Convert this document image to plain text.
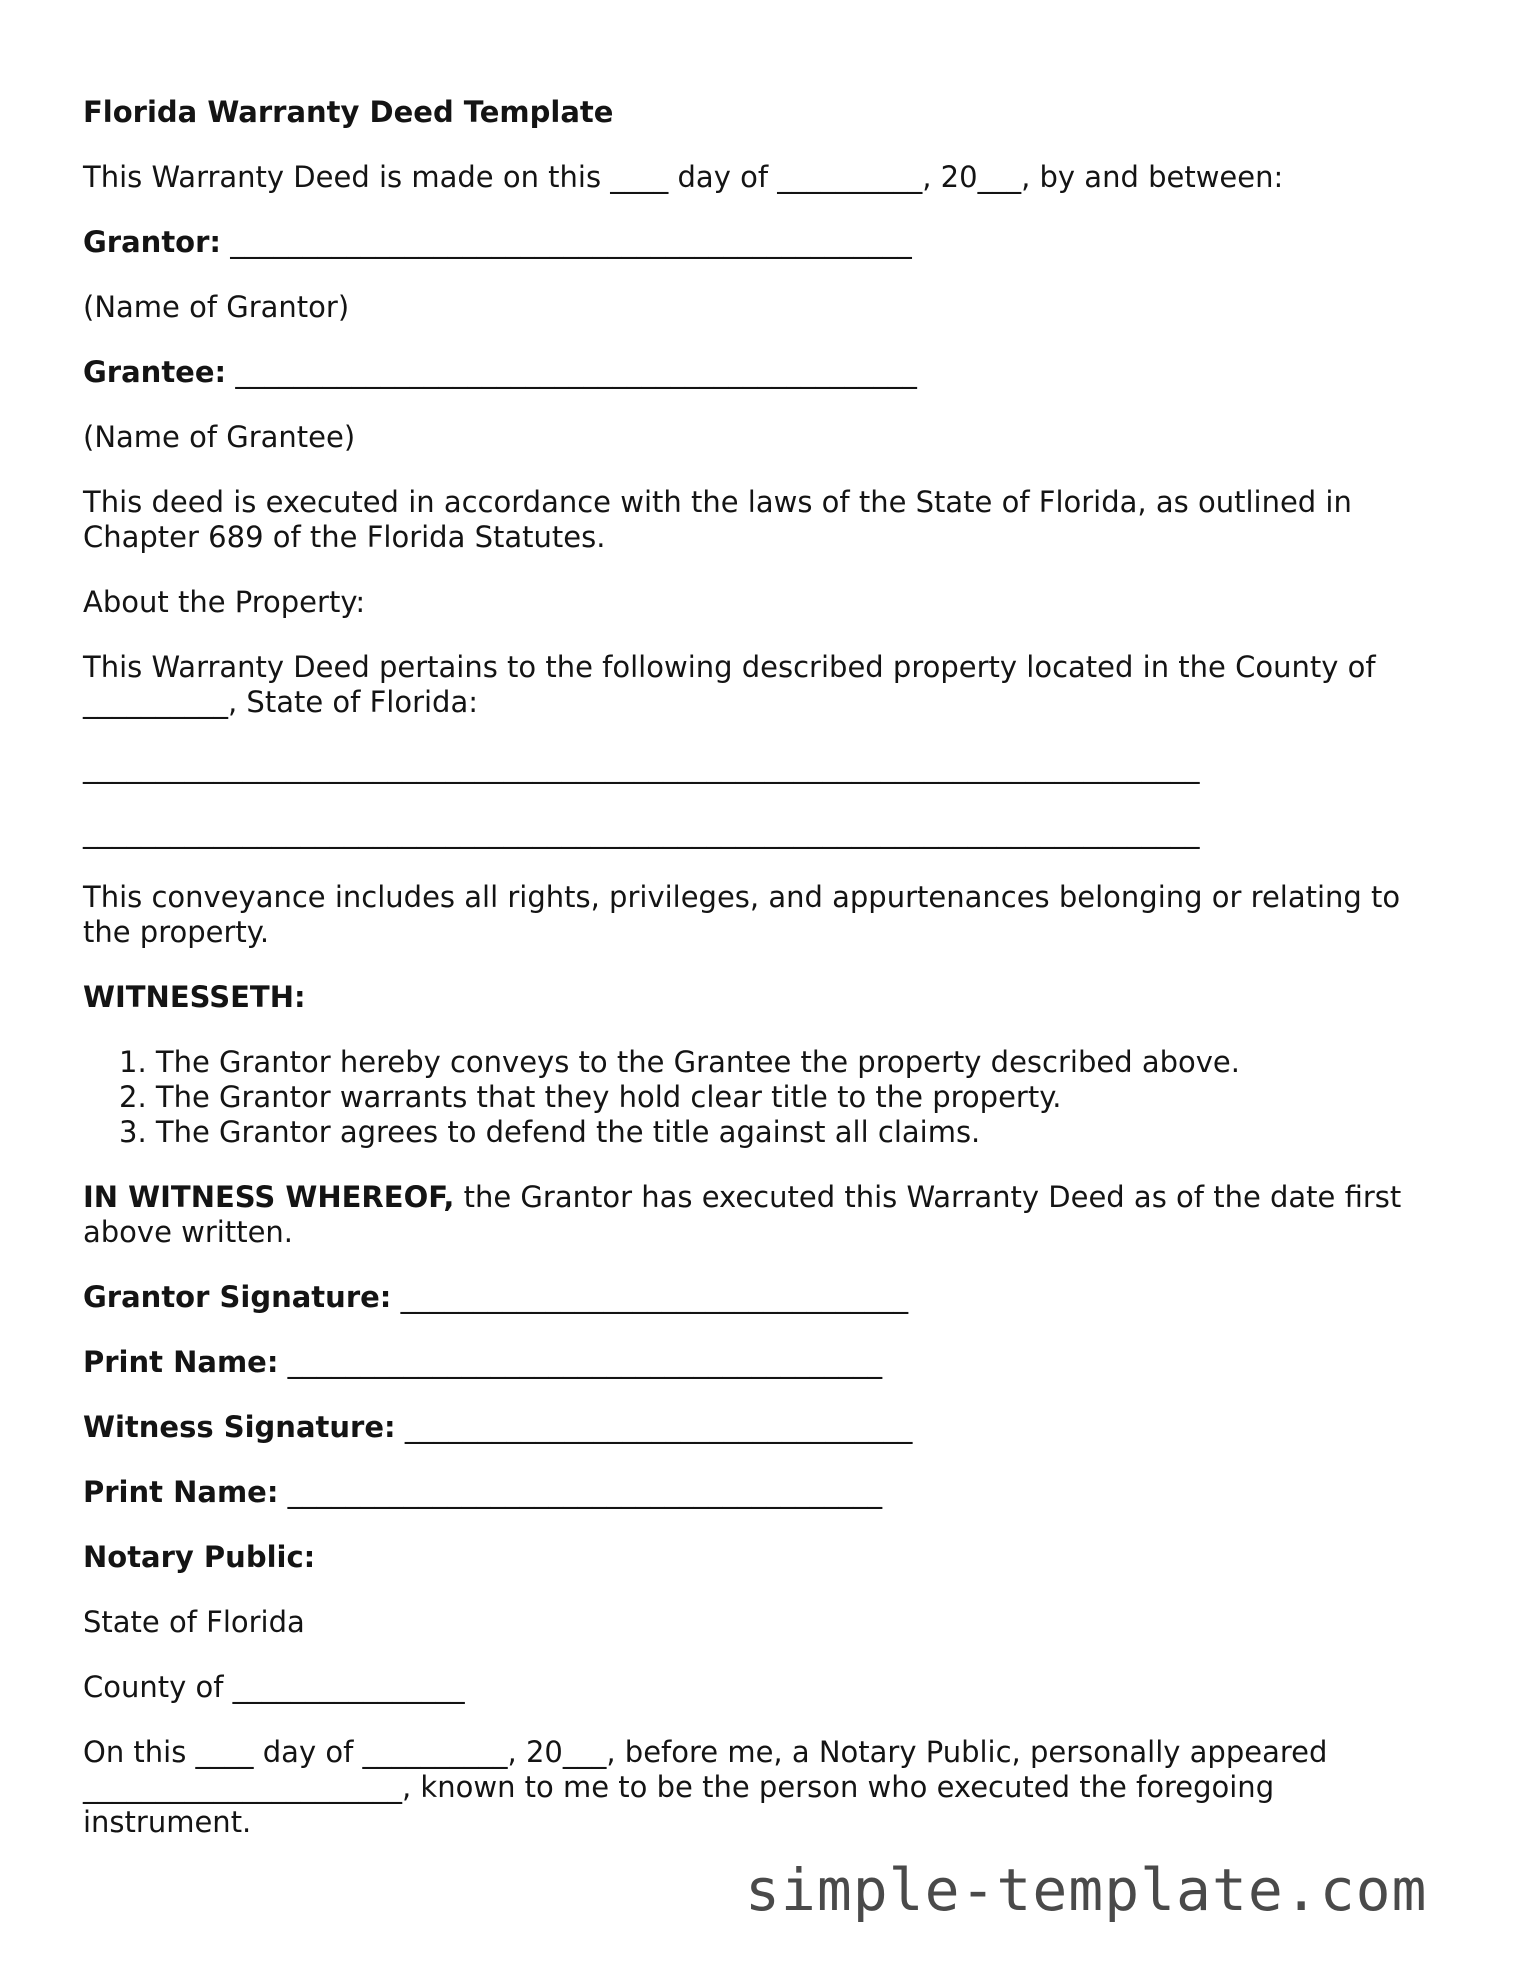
Florida Warranty Deed Template

This Warranty Deed is made on this ____ day of __________, 20___, by and between:

Grantor: _______________________________________________

(Name of Grantor)

Grantee: _______________________________________________

(Name of Grantee)

This deed is executed in accordance with the laws of the State of Florida, as outlined in Chapter 689 of the Florida Statutes.

About the Property:

This Warranty Deed pertains to the following described property located in the County of __________, State of Florida:

_____________________________________________________________________________

_____________________________________________________________________________

This conveyance includes all rights, privileges, and appurtenances belonging or relating to the property.

WITNESSETH:

1. The Grantor hereby conveys to the Grantee the property described above.
2. The Grantor warrants that they hold clear title to the property.
3. The Grantor agrees to defend the title against all claims.

IN WITNESS WHEREOF, the Grantor has executed this Warranty Deed as of the date first above written.

Grantor Signature: ___________________________________

Print Name: _________________________________________

Witness Signature: ___________________________________

Print Name: _________________________________________

Notary Public:

State of Florida

County of ________________

On this ____ day of __________, 20___, before me, a Notary Public, personally appeared ______________________, known to me to be the person who executed the foregoing instrument.

simple-template.com
